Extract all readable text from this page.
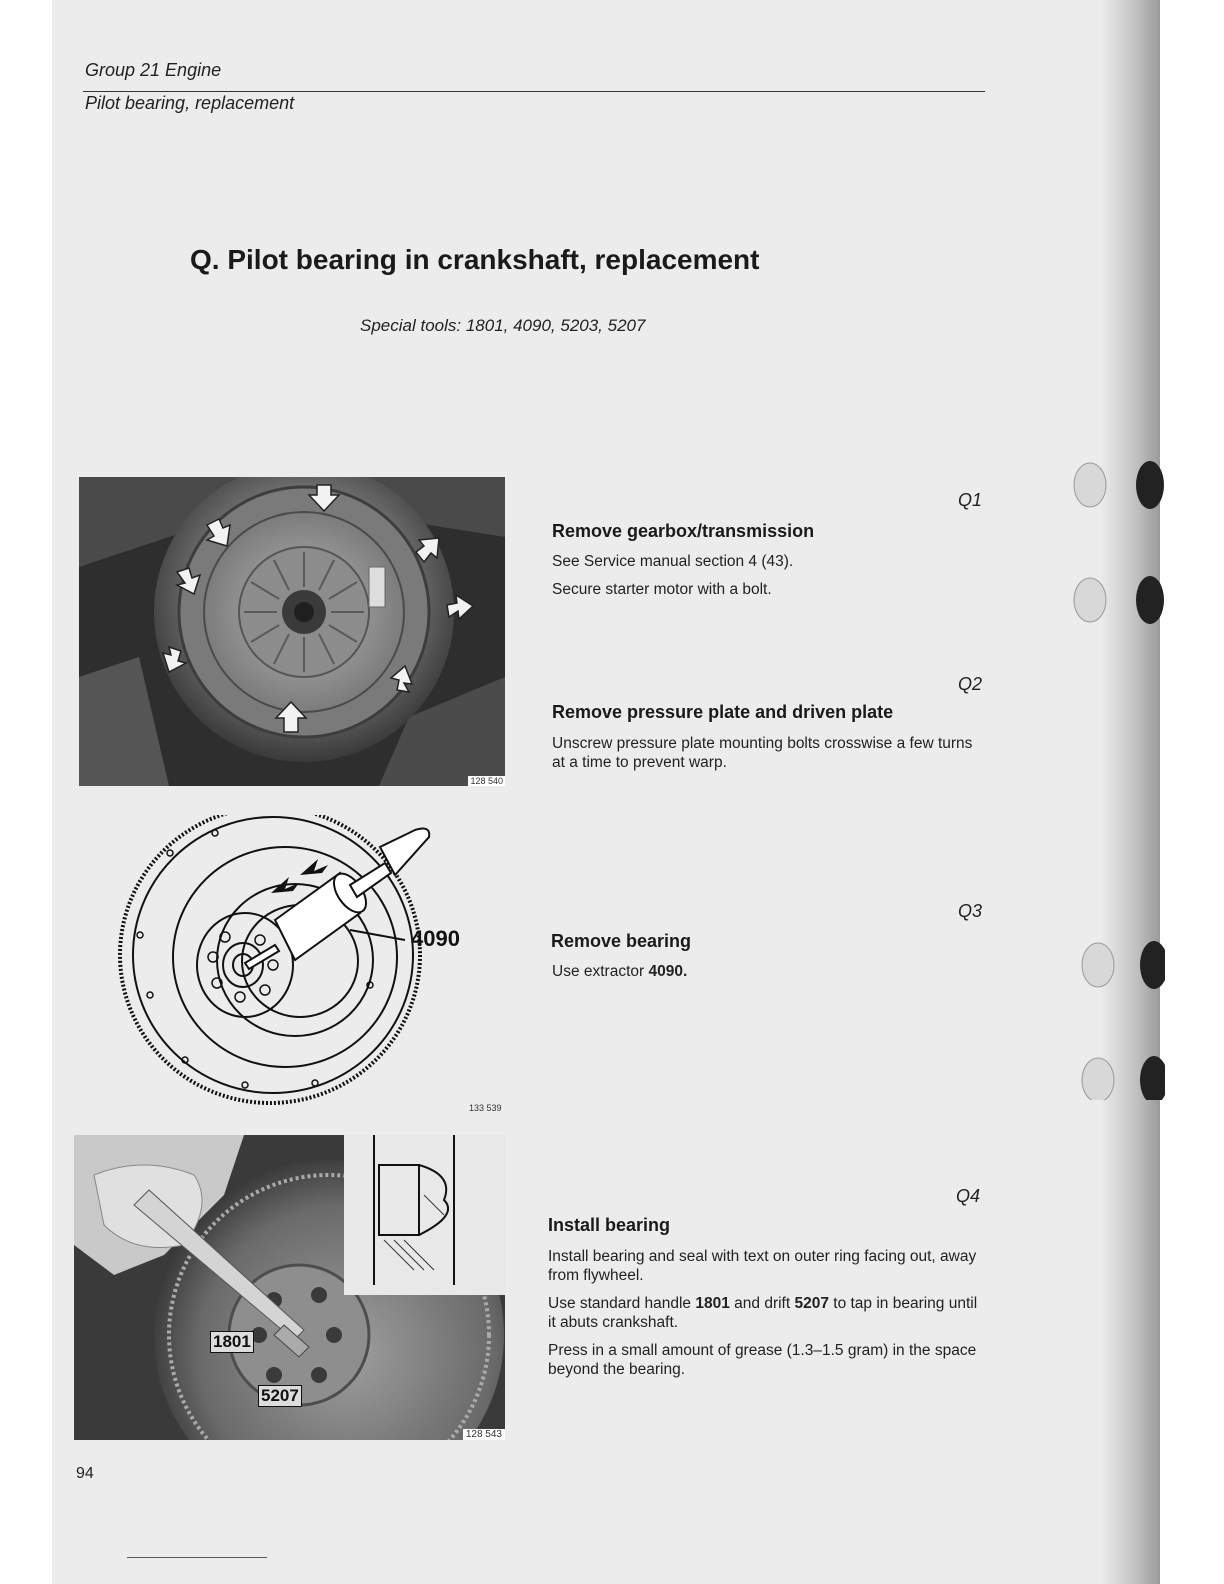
Group 21 Engine
Pilot bearing, replacement
Q. Pilot bearing in crankshaft, replacement
Special tools: 1801, 4090, 5203, 5207
128 540
4090
133 539
1801
5207
128 543
Q1
Remove gearbox/transmission

See Service manual section 4 (43).

Secure starter motor with a bolt.

Q2
Remove pressure plate and driven plate
Unscrew pressure plate mounting bolts crosswise a few turns at a time to prevent warp.
Q3
Remove bearing
Use extractor 4090.
Q4
Install bearing

Install bearing and seal with text on outer ring facing out, away from flywheel.

Use standard handle 1801 and drift 5207 to tap in bearing until it abuts crankshaft.

Press in a small amount of grease (1.3–1.5 gram) in the space beyond the bearing.

94
